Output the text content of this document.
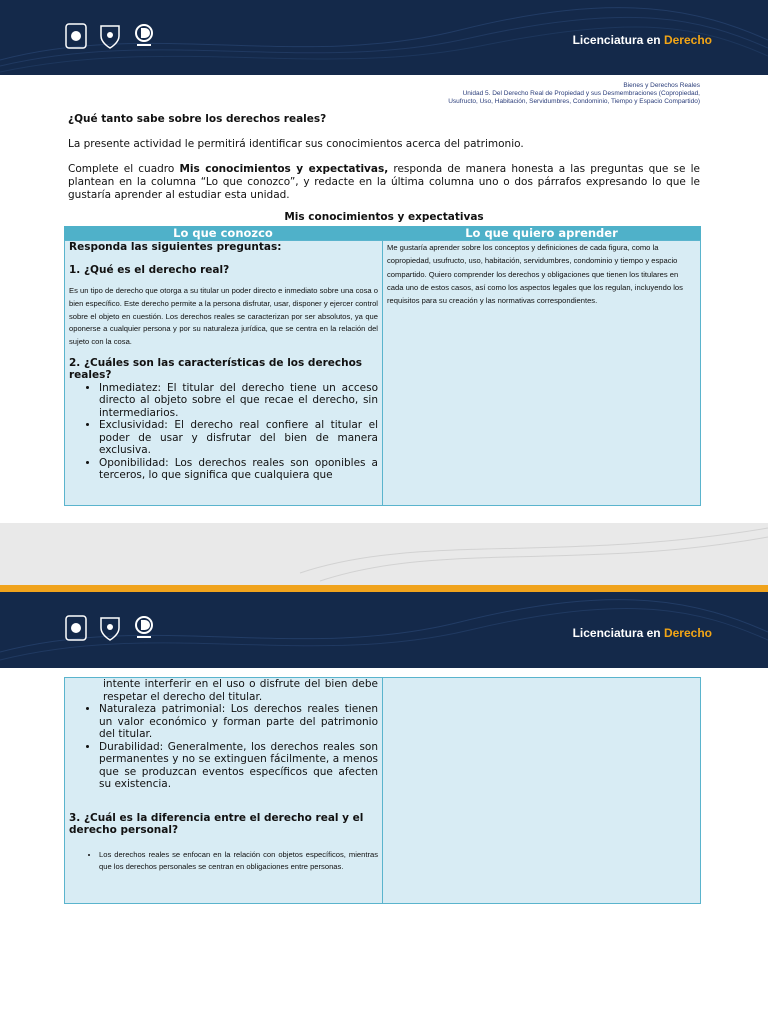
Licenciatura en Derecho
Bienes y Derechos Reales
Unidad 5. Del Derecho Real de Propiedad y sus Desmembraciones (Copropiedad,
Usufructo, Uso, Habitación, Servidumbres, Condominio, Tiempo y Espacio Compartido)
¿Qué tanto sabe sobre los derechos reales?
La presente actividad le permitirá identificar sus conocimientos acerca del patrimonio.
Complete el cuadro Mis conocimientos y expectativas, responda de manera honesta a las preguntas que se le plantean en la columna “Lo que conozco”, y redacte en la última columna uno o dos párrafos expresando lo que le gustaría aprender al estudiar esta unidad.
Mis conocimientos y expectativas
Lo que conozco	Lo que quiero aprender
Responda las siguientes preguntas:
1. ¿Qué es el derecho real?
Es un tipo de derecho que otorga a su titular un poder directo e inmediato sobre una cosa o bien específico. Este derecho permite a la persona disfrutar, usar, disponer y ejercer control sobre el objeto en cuestión. Los derechos reales se caracterizan por ser absolutos, ya que oponerse a cualquier persona y por su naturaleza jurídica, que se centra en la relación del sujeto con la cosa.
2. ¿Cuáles son las características de los derechos reales?
• Inmediatez: El titular del derecho tiene un acceso directo al objeto sobre el que recae el derecho, sin intermediarios.
• Exclusividad: El derecho real confiere al titular el poder de usar y disfrutar del bien de manera exclusiva.
• Oponibilidad: Los derechos reales son oponibles a terceros, lo que significa que cualquiera que
Me gustaría aprender sobre los conceptos y definiciones de cada figura, como la copropiedad, usufructo, uso, habitación, servidumbres, condominio y tiempo y espacio compartido. Quiero comprender los derechos y obligaciones que tienen los titulares en cada uno de estos casos, así como los aspectos legales que los regulan, incluyendo los requisitos para su creación y las normativas correspondientes.
Licenciatura en Derecho
intente interferir en el uso o disfrute del bien debe respetar el derecho del titular.
• Naturaleza patrimonial: Los derechos reales tienen un valor económico y forman parte del patrimonio del titular.
• Durabilidad: Generalmente, los derechos reales son permanentes y no se extinguen fácilmente, a menos que se produzcan eventos específicos que afecten su existencia.
3. ¿Cuál es la diferencia entre el derecho real y el derecho personal?
• Los derechos reales se enfocan en la relación con objetos específicos, mientras que los derechos personales se centran en obligaciones entre personas.
